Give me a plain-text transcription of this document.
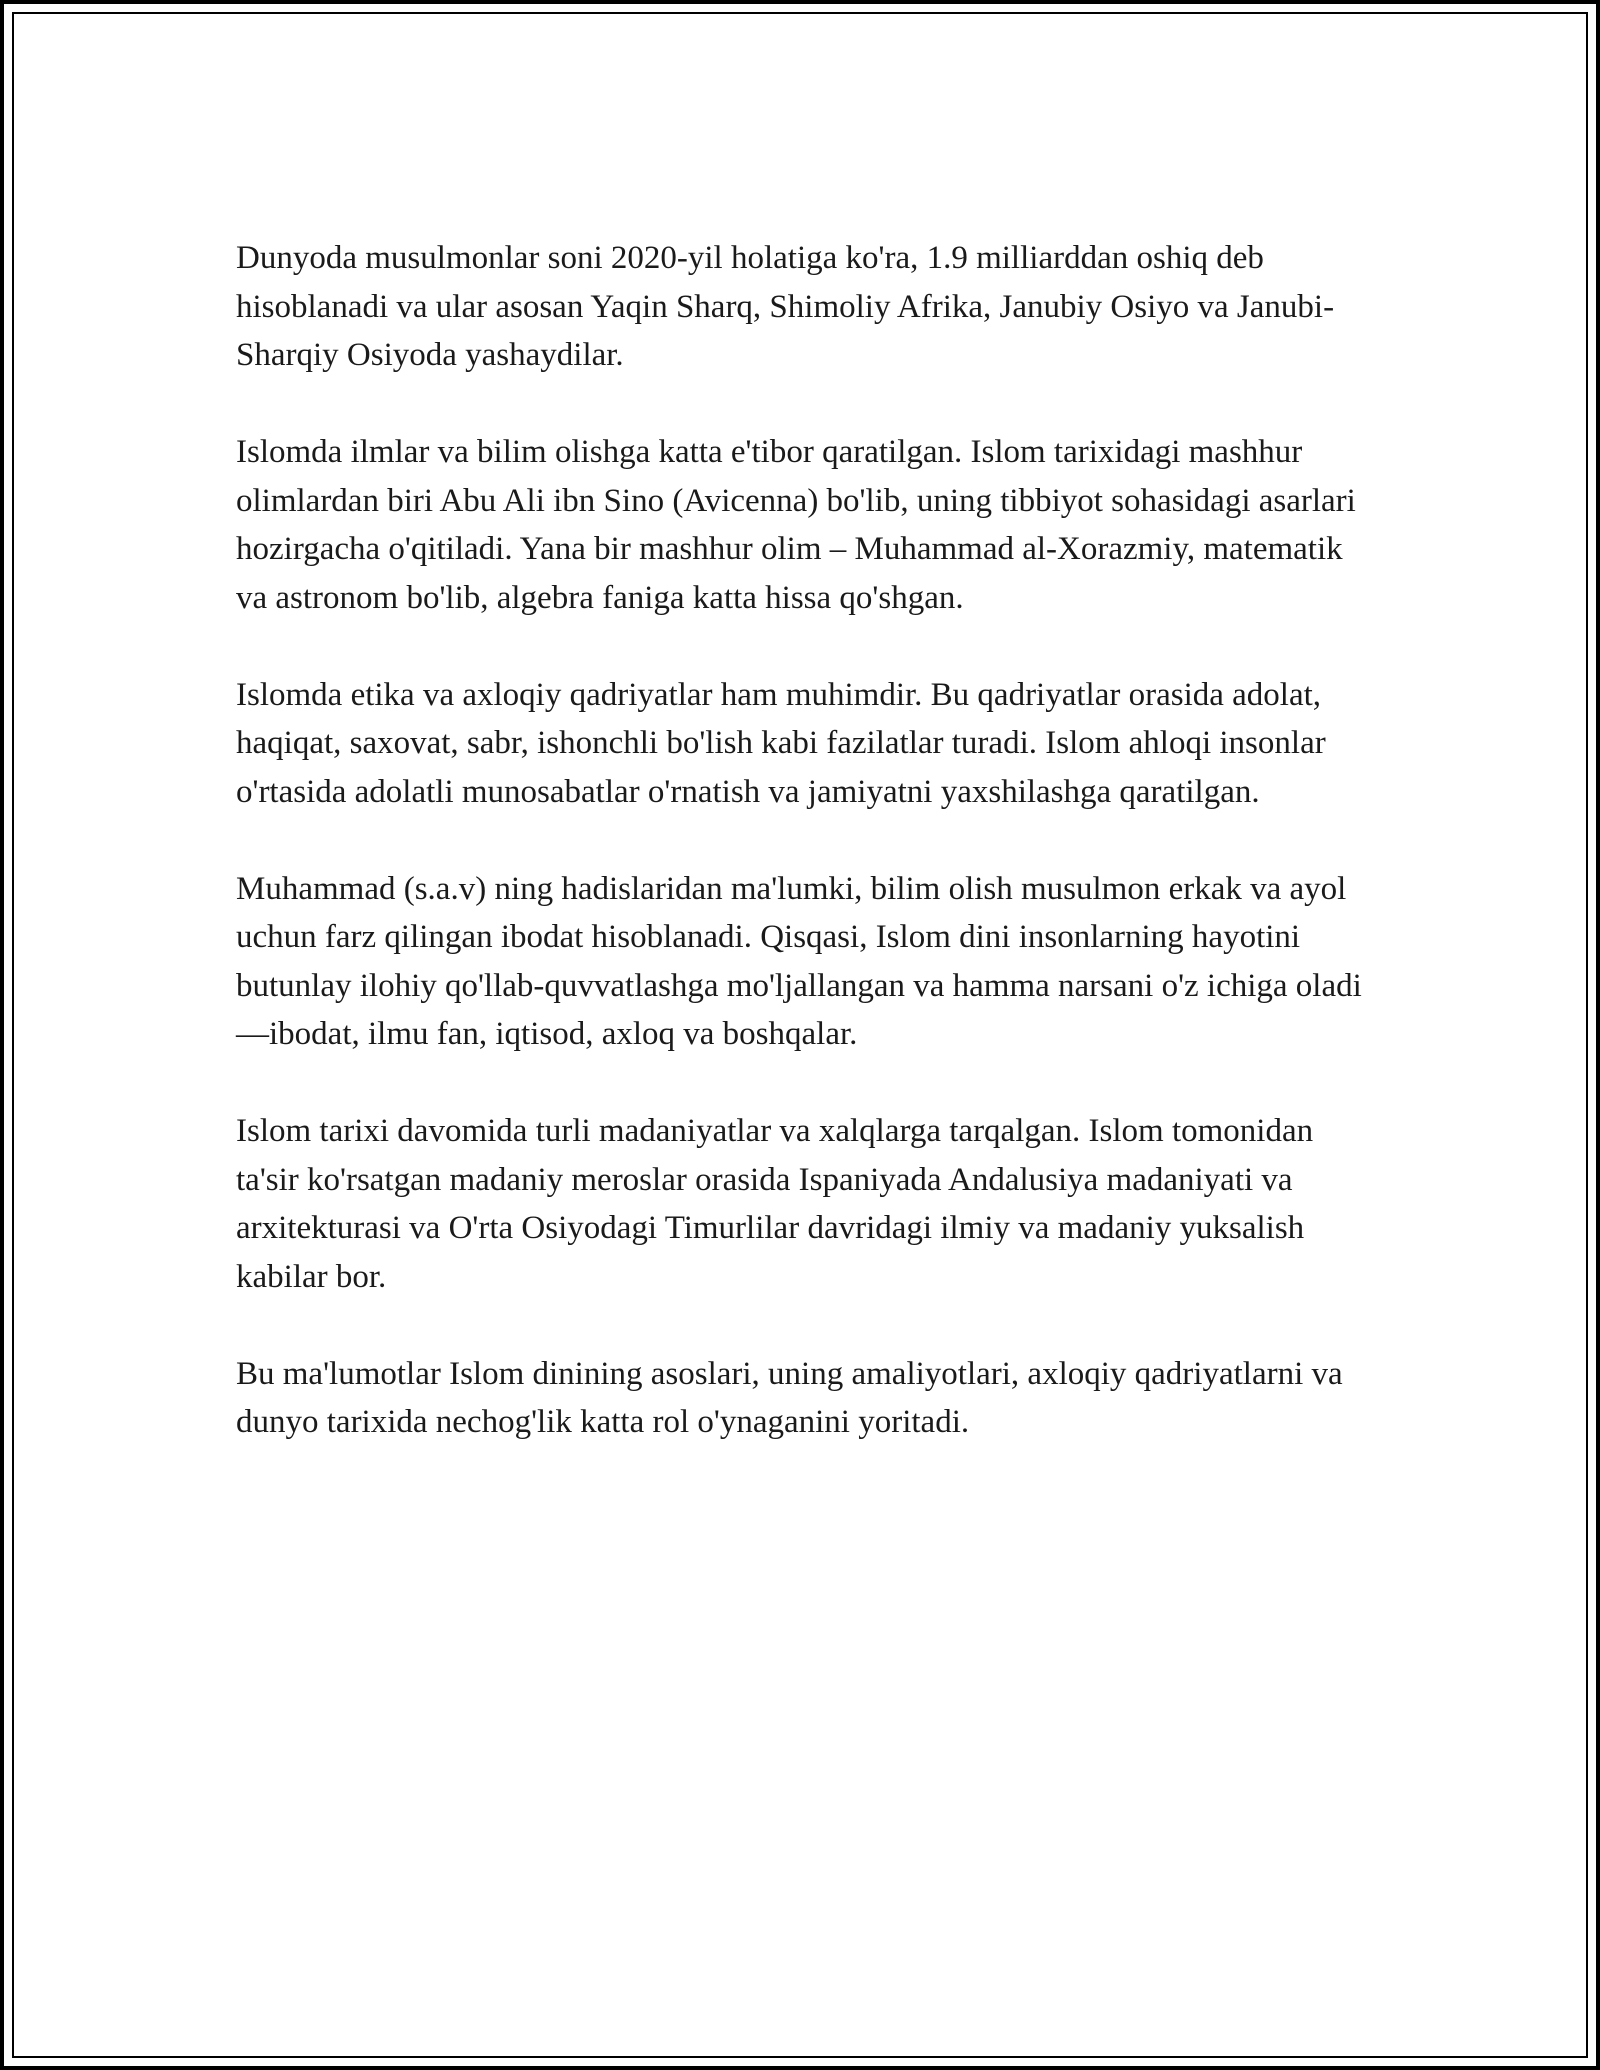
Dunyoda musulmonlar soni 2020-yil holatiga ko'ra, 1.9 milliarddan oshiq deb hisoblanadi va ular asosan Yaqin Sharq, Shimoliy Afrika, Janubiy Osiyo va Janubi-Sharqiy Osiyoda yashaydilar.

Islomda ilmlar va bilim olishga katta e'tibor qaratilgan. Islom tarixidagi mashhur olimlardan biri Abu Ali ibn Sino (Avicenna) bo'lib, uning tibbiyot sohasidagi asarlari hozirgacha o'qitiladi. Yana bir mashhur olim – Muhammad al-Xorazmiy, matematik va astronom bo'lib, algebra faniga katta hissa qo'shgan.

Islomda etika va axloqiy qadriyatlar ham muhimdir. Bu qadriyatlar orasida adolat, haqiqat, saxovat, sabr, ishonchli bo'lish kabi fazilatlar turadi. Islom ahloqi insonlar o'rtasida adolatli munosabatlar o'rnatish va jamiyatni yaxshilashga qaratilgan.

Muhammad (s.a.v) ning hadislaridan ma'lumki, bilim olish musulmon erkak va ayol uchun farz qilingan ibodat hisoblanadi. Qisqasi, Islom dini insonlarning hayotini butunlay ilohiy qo'llab-quvvatlashga mo'ljallangan va hamma narsani o'z ichiga oladi—ibodat, ilmu fan, iqtisod, axloq va boshqalar.

Islom tarixi davomida turli madaniyatlar va xalqlarga tarqalgan. Islom tomonidan ta'sir ko'rsatgan madaniy meroslar orasida Ispaniyada Andalusiya madaniyati va arxitekturasi va O'rta Osiyodagi Timurlilar davridagi ilmiy va madaniy yuksalish kabilar bor.

Bu ma'lumotlar Islom dinining asoslari, uning amaliyotlari, axloqiy qadriyatlarni va dunyo tarixida nechog'lik katta rol o'ynaganini yoritadi.
